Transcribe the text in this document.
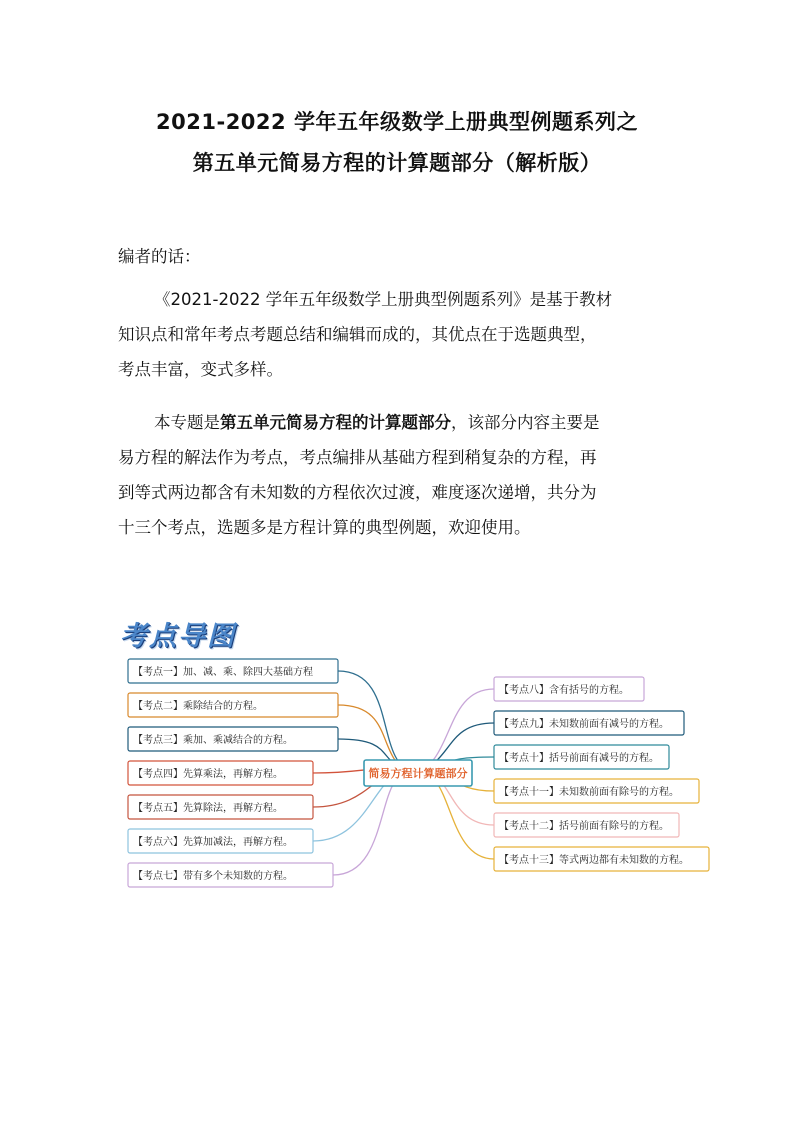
2021-2022 学年五年级数学上册典型例题系列之
第五单元简易方程的计算题部分（解析版）

编者的话：

《2021-2022 学年五年级数学上册典型例题系列》是基于教材
知识点和常年考点考题总结和编辑而成的，其优点在于选题典型，
考点丰富，变式多样。
本专题是第五单元简易方程的计算题部分，该部分内容主要是
易方程的解法作为考点，考点编排从基础方程到稍复杂的方程，再
到等式两边都含有未知数的方程依次过渡，难度逐次递增，共分为
十三个考点，选题多是方程计算的典型例题，欢迎使用。
考点导图
【考点一】加、减、乘、除四大基础方程
【考点二】乘除结合的方程。
【考点三】乘加、乘减结合的方程。
【考点四】先算乘法，再解方程。
【考点五】先算除法，再解方程。
【考点六】先算加减法，再解方程。
【考点七】带有多个未知数的方程。
【考点八】含有括号的方程。
【考点九】未知数前面有减号的方程。
【考点十】括号前面有减号的方程。
【考点十一】未知数前面有除号的方程。
【考点十二】括号前面有除号的方程。
【考点十三】等式两边都有未知数的方程。
简易方程计算题部分
